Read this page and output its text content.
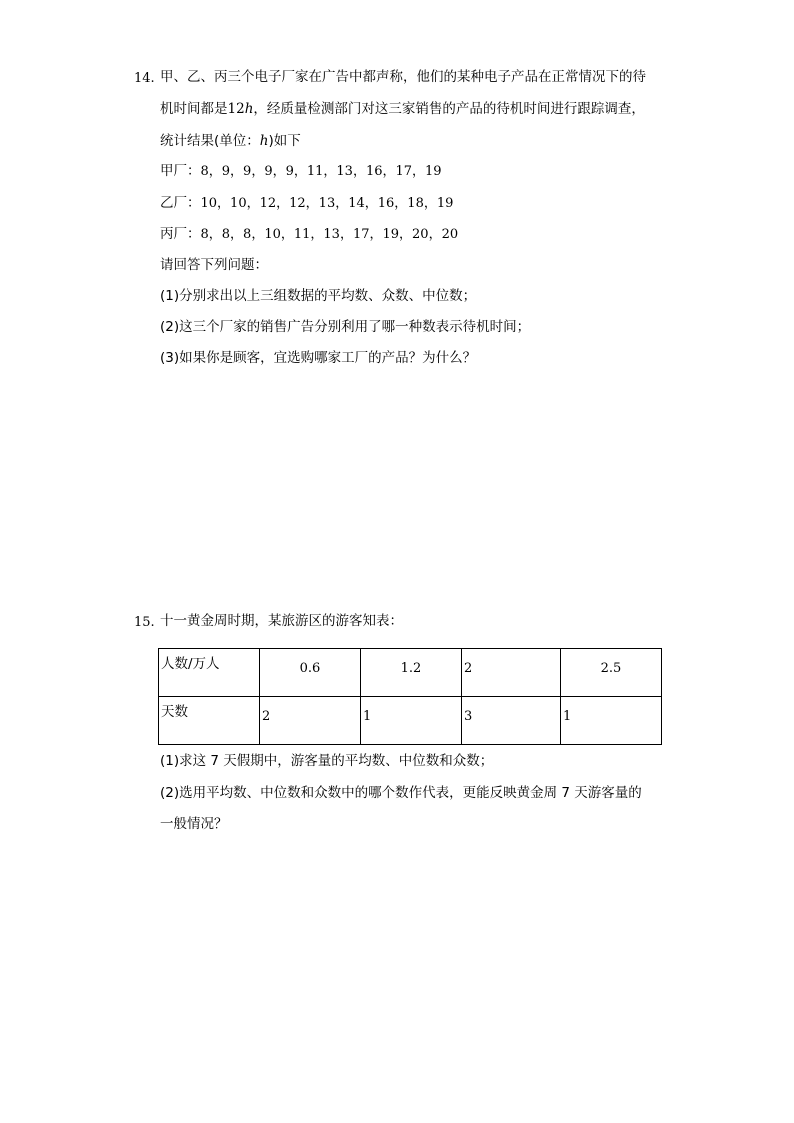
14. 甲、乙、丙三个电子厂家在广告中都声称，他们的某种电子产品在正常情况下的待
机时间都是12h，经质量检测部门对这三家销售的产品的待机时间进行跟踪调查，
统计结果(单位：h)如下
甲厂：8，9，9，9，9，11，13，16，17，19
乙厂：10，10，12，12，13，14，16，18，19
丙厂：8，8，8，10，11，13，17，19，20，20
请回答下列问题：
(1)分别求出以上三组数据的平均数、众数、中位数；
(2)这三个厂家的销售广告分别利用了哪一种数表示待机时间；
(3)如果你是顾客，宜选购哪家工厂的产品？为什么？
15. 十一黄金周时期，某旅游区的游客知表：
人数/万人	0.6	1.2	2	2.5

天数	2	1	3	1
(1)求这 7 天假期中，游客量的平均数、中位数和众数；
(2)选用平均数、中位数和众数中的哪个数作代表，更能反映黄金周 7 天游客量的
一般情况？
